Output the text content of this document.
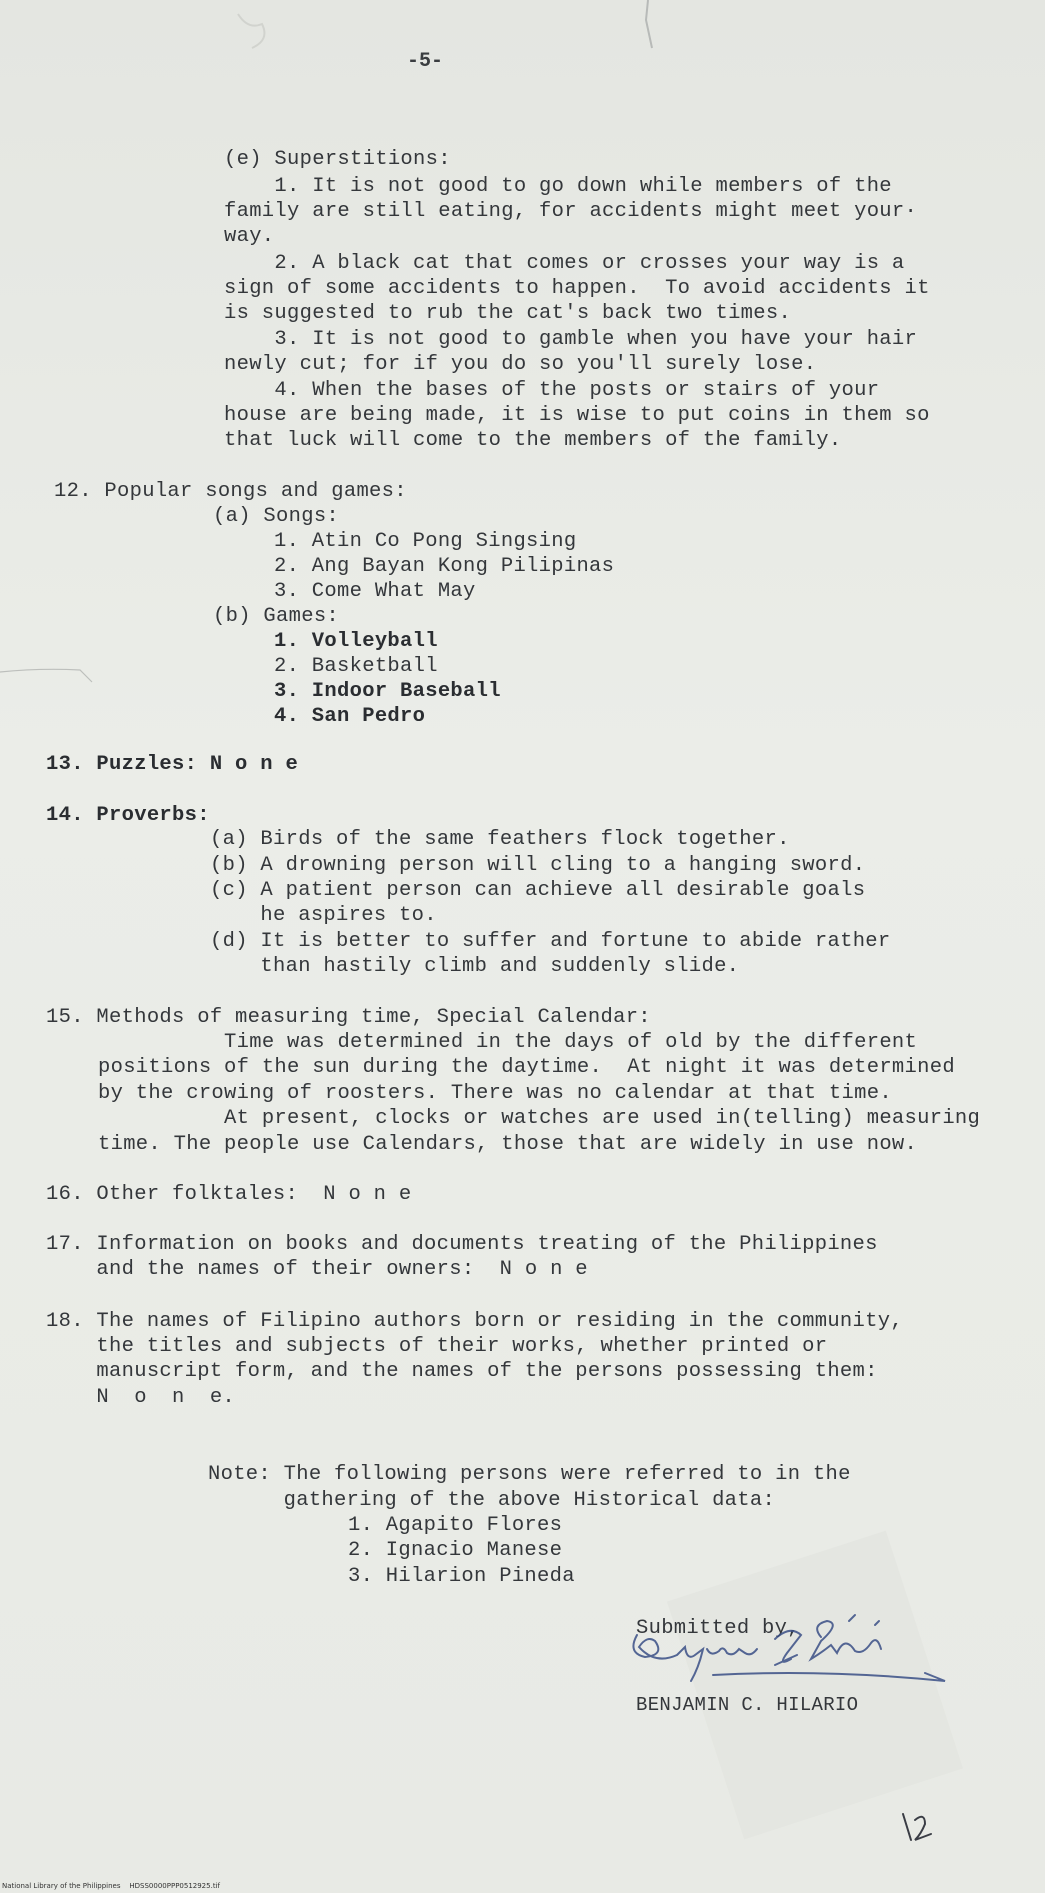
-5-
(e) Superstitions:
1. It is not good to go down while members of the
family are still eating, for accidents might meet your·
way.
2. A black cat that comes or crosses your way is a
sign of some accidents to happen.  To avoid accidents it
is suggested to rub the cat's back two times.
3. It is not good to gamble when you have your hair
newly cut; for if you do so you'll surely lose.
4. When the bases of the posts or stairs of your
house are being made, it is wise to put coins in them so
that luck will come to the members of the family.
12. Popular songs and games:
(a) Songs:
1. Atin Co Pong Singsing
2. Ang Bayan Kong Pilipinas
3. Come What May
(b) Games:
1. Volleyball
2. Basketball
3. Indoor Baseball
4. San Pedro
13. Puzzles: N o n e
14. Proverbs:
(a) Birds of the same feathers flock together.
(b) A drowning person will cling to a hanging sword.
(c) A patient person can achieve all desirable goals
he aspires to.
(d) It is better to suffer and fortune to abide rather
than hastily climb and suddenly slide.
15. Methods of measuring time, Special Calendar:
Time was determined in the days of old by the different
positions of the sun during the daytime.  At night it was determined
by the crowing of roosters. There was no calendar at that time.
At present, clocks or watches are used in(telling) measuring
time. The people use Calendars, those that are widely in use now.
16. Other folktales:  N o n e
17. Information on books and documents treating of the Philippines
and the names of their owners:  N o n e
18. The names of Filipino authors born or residing in the community,
the titles and subjects of their works, whether printed or
manuscript form, and the names of the persons possessing them:
N  o  n  e.
Note: The following persons were referred to in the
gathering of the above Historical data:
1. Agapito Flores
2. Ignacio Manese
3. Hilarion Pineda
Submitted by,
BENJAMIN C. HILARIO
National Library of the Philippines    HDSS0000PPP0512925.tif
